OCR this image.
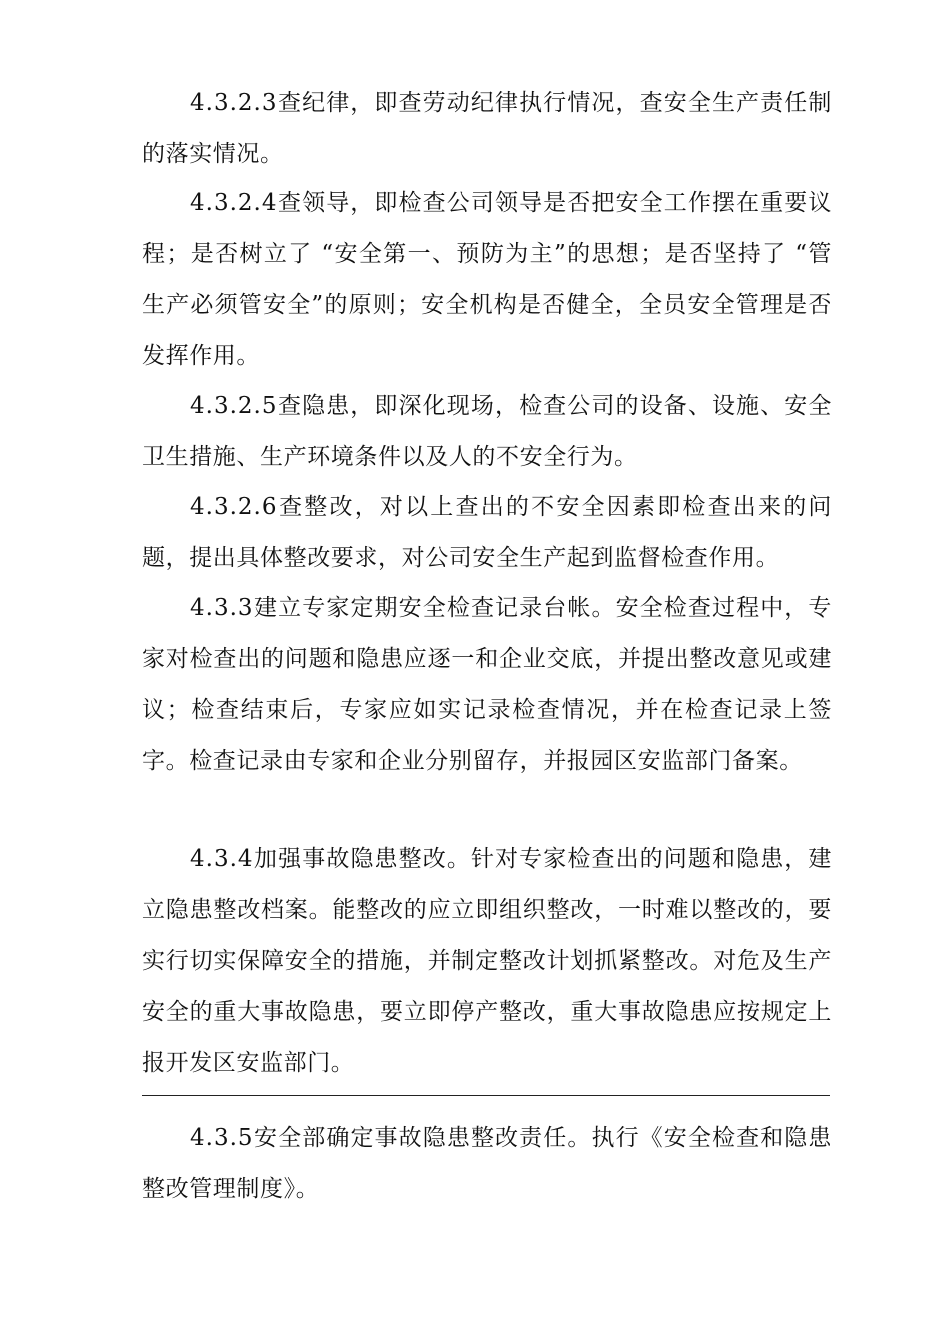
4.3.2.3查纪律，即查劳动纪律执行情况，查安全生产责任制的落实情况。

4.3.2.4查领导，即检查公司领导是否把安全工作摆在重要议程；是否树立了 “安全第一、预防为主”的思想；是否坚持了 “管生产必须管安全”的原则；安全机构是否健全，全员安全管理是否发挥作用。

4.3.2.5查隐患，即深化现场，检查公司的设备、设施、安全卫生措施、生产环境条件以及人的不安全行为。

4.3.2.6查整改，对以上查出的不安全因素即检查出来的问题，提出具体整改要求，对公司安全生产起到监督检查作用。

4.3.3建立专家定期安全检查记录台帐。安全检查过程中，专家对检查出的问题和隐患应逐一和企业交底，并提出整改意见或建议；检查结束后，专家应如实记录检查情况，并在检查记录上签字。检查记录由专家和企业分别留存，并报园区安监部门备案。

4.3.4加强事故隐患整改。针对专家检查出的问题和隐患，建立隐患整改档案。能整改的应立即组织整改，一时难以整改的，要实行切实保障安全的措施，并制定整改计划抓紧整改。对危及生产安全的重大事故隐患，要立即停产整改，重大事故隐患应按规定上报开发区安监部门。

4.3.5安全部确定事故隐患整改责任。执行《安全检查和隐患整改管理制度》。
